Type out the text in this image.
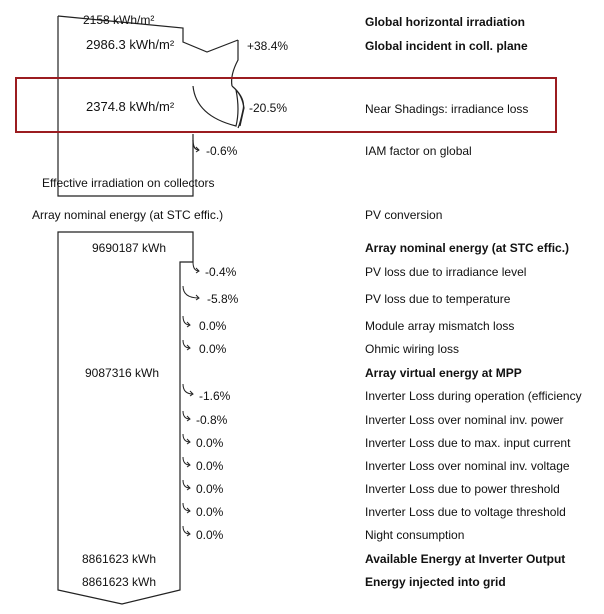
2158 kWh/m²	Global horizontal irradiation
2986.3 kWh/m²	+38.4%	Global incident in coll. plane
2374.8 kWh/m²	-20.5%	Near Shadings: irradiance loss
-0.6%	IAM factor on global
Effective irradiation on collectors
Array nominal energy (at STC effic.)	PV conversion
9690187 kWh	Array nominal energy (at STC effic.)
-0.4%	PV loss due to irradiance level
-5.8%	PV loss due to temperature
0.0%	Module array mismatch loss
0.0%	Ohmic wiring loss
9087316 kWh	Array virtual energy at MPP
-1.6%	Inverter Loss during operation (efficiency
-0.8%	Inverter Loss over nominal inv. power
0.0%	Inverter Loss due to max. input current
0.0%	Inverter Loss over nominal inv. voltage
0.0%	Inverter Loss due to power threshold
0.0%	Inverter Loss due to voltage threshold
0.0%	Night consumption
8861623 kWh	Available Energy at Inverter Output
8861623 kWh	Energy injected into grid
